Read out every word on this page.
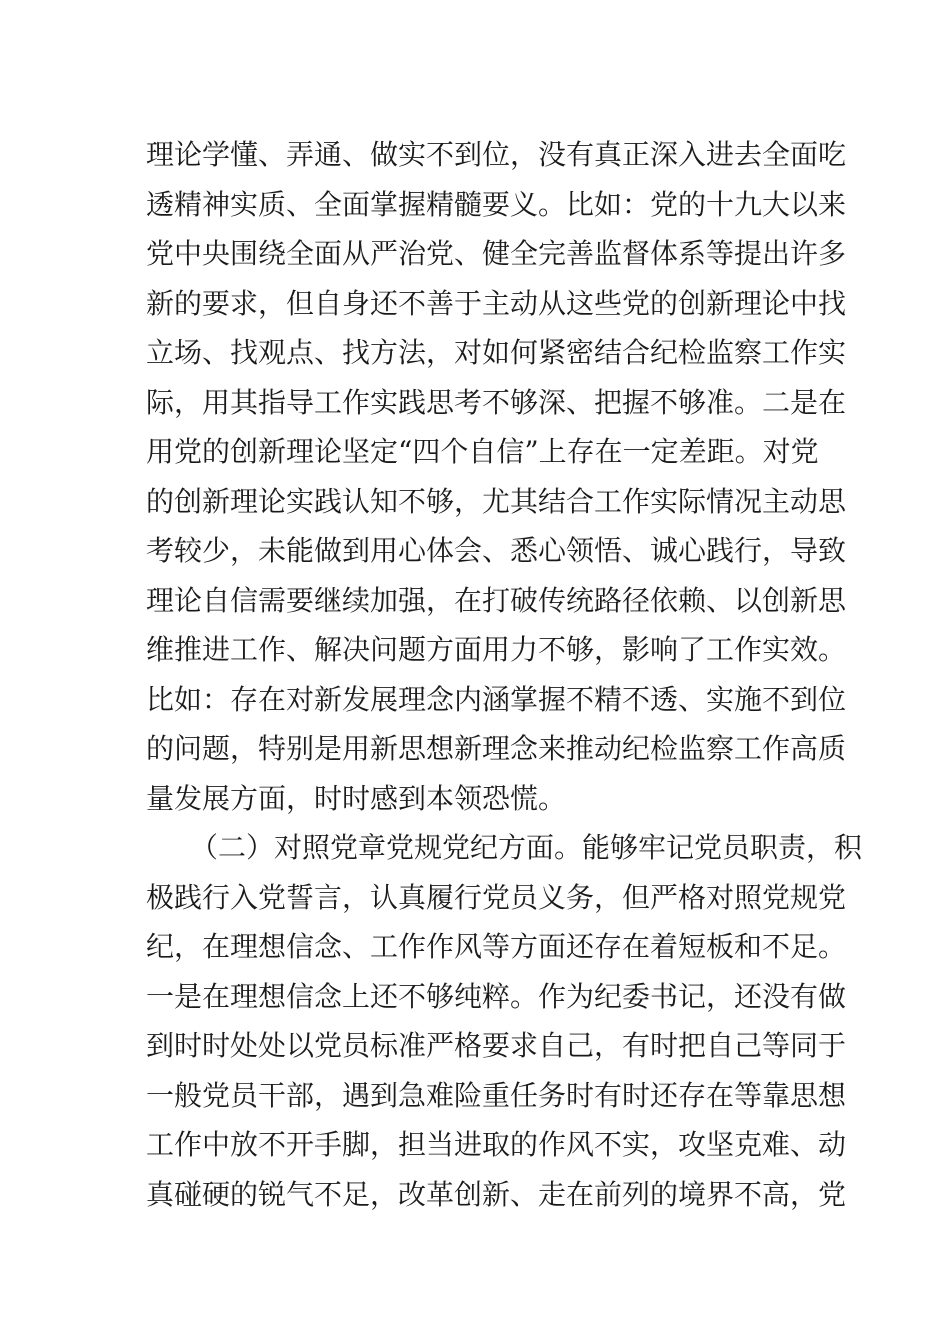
理论学懂、弄通、做实不到位，没有真正深入进去全面吃
透精神实质、全面掌握精髓要义。比如：党的十九大以来
党中央围绕全面从严治党、健全完善监督体系等提出许多
新的要求，但自身还不善于主动从这些党的创新理论中找
立场、找观点、找方法，对如何紧密结合纪检监察工作实
际，用其指导工作实践思考不够深、把握不够准。二是在
用党的创新理论坚定“四个自信”上存在一定差距。对党
的创新理论实践认知不够，尤其结合工作实际情况主动思
考较少，未能做到用心体会、悉心领悟、诚心践行，导致
理论自信需要继续加强，在打破传统路径依赖、以创新思
维推进工作、解决问题方面用力不够，影响了工作实效。
比如：存在对新发展理念内涵掌握不精不透、实施不到位
的问题，特别是用新思想新理念来推动纪检监察工作高质
量发展方面，时时感到本领恐慌。
（二）对照党章党规党纪方面。能够牢记党员职责，积
极践行入党誓言，认真履行党员义务，但严格对照党规党
纪，在理想信念、工作作风等方面还存在着短板和不足。
一是在理想信念上还不够纯粹。作为纪委书记，还没有做
到时时处处以党员标准严格要求自己，有时把自己等同于
一般党员干部，遇到急难险重任务时有时还存在等靠思想
工作中放不开手脚，担当进取的作风不实，攻坚克难、动
真碰硬的锐气不足，改革创新、走在前列的境界不高，党
